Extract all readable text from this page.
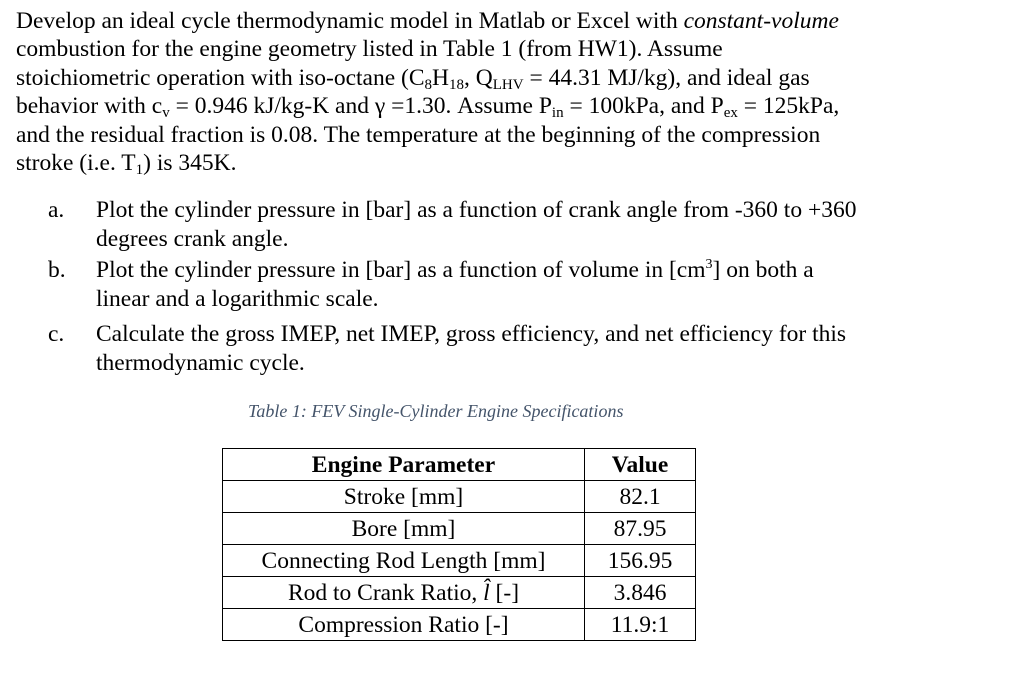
Develop an ideal cycle thermodynamic model in Matlab or Excel with constant-volume
combustion for the engine geometry listed in Table 1 (from HW1). Assume
stoichiometric operation with iso-octane ($C_8H_{18}$, $Q_{LHV} = 44.31$ MJ/kg), and ideal gas
behavior with $c_v = 0.946$ kJ/kg-K and γ =1.30. Assume $P_{in} = 100kPa$, and $P_{ex} = 125kPa$,
and the residual fraction is 0.08. The temperature at the beginning of the compression
stroke (i.e. $T_1$) is 345K.
a. Plot the cylinder pressure in [bar] as a function of crank angle from -360 to +360
degrees crank angle.
b. Plot the cylinder pressure in [bar] as a function of volume in $[cm^3]$ on both a
linear and a logarithmic scale.
c. Calculate the gross IMEP, net IMEP, gross efficiency, and net efficiency for this
thermodynamic cycle.
Table 1: FEV Single-Cylinder Engine Specifications
Engine Parameter	Value
Stroke [mm]	82.1
Bore [mm]	87.95
Connecting Rod Length [mm]	156.95
Rod to Crank Ratio, l̂ [-]	3.846
Compression Ratio [-]	11.9:1
